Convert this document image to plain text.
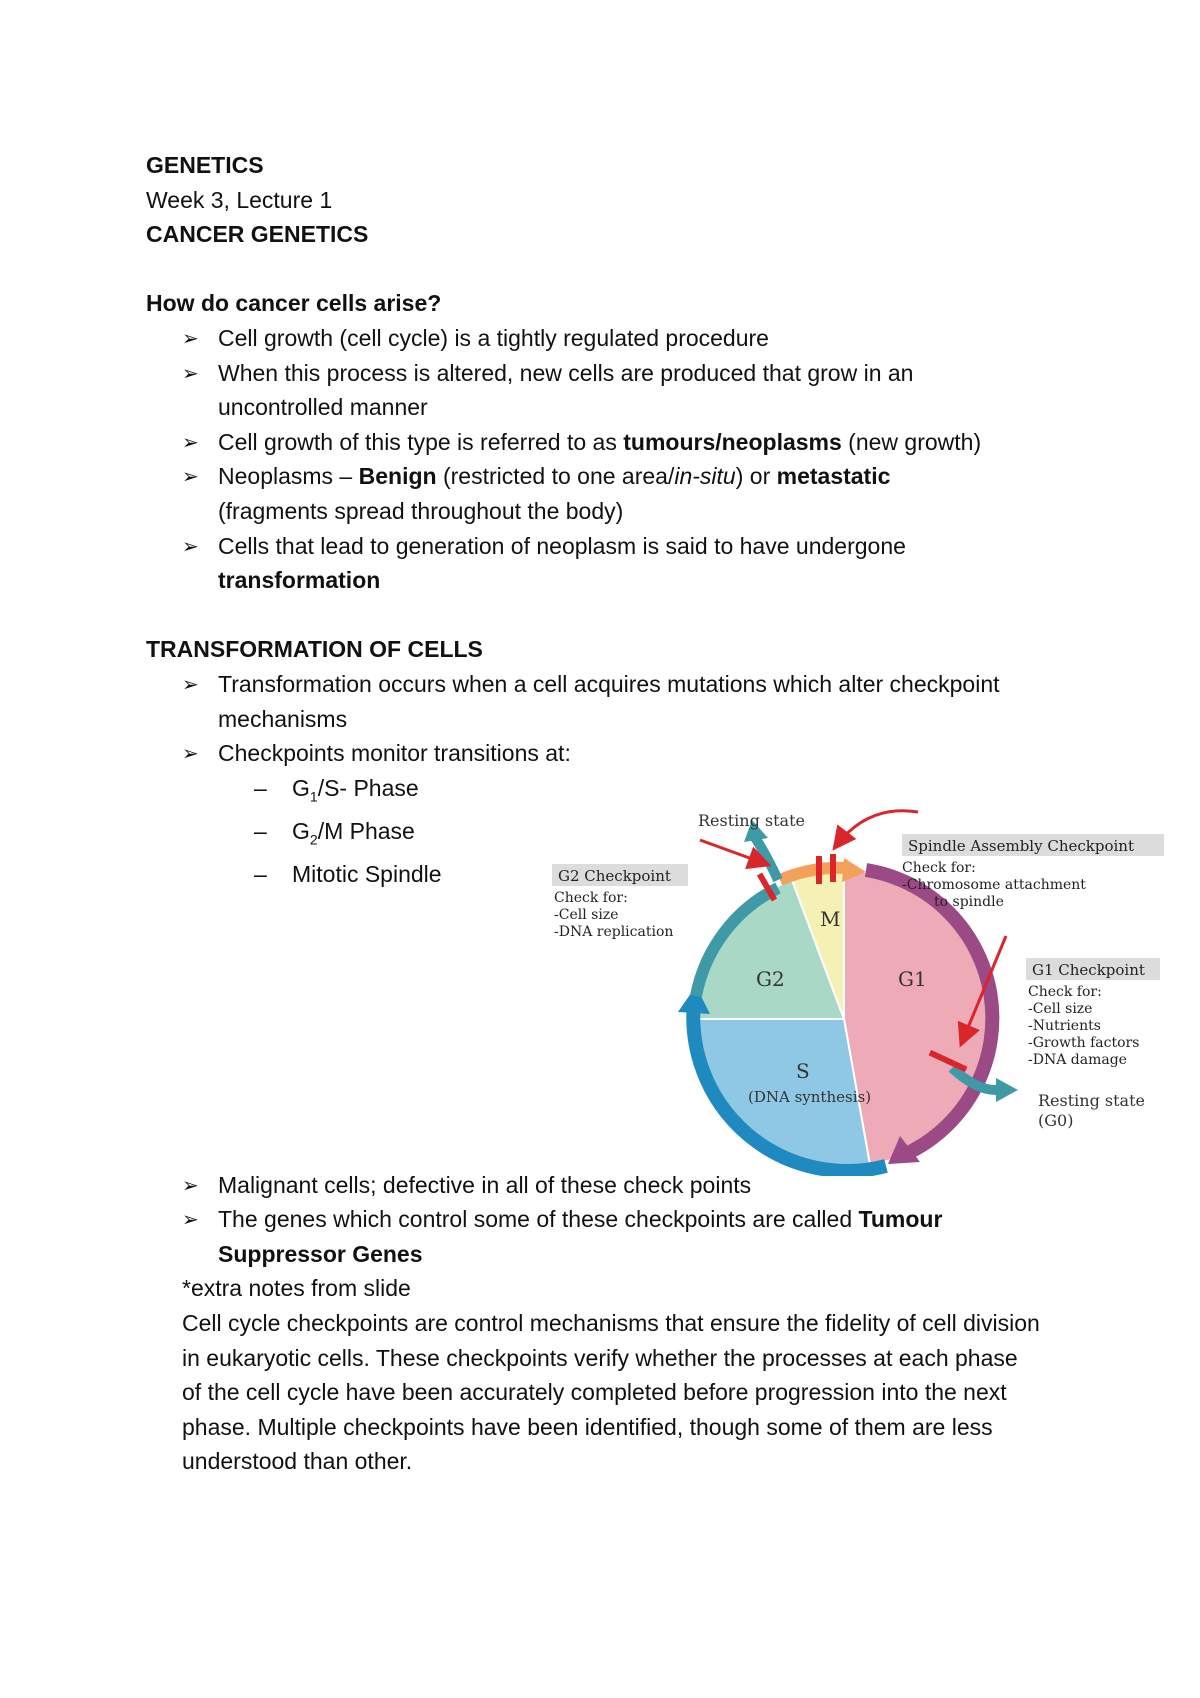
GENETICS
Week 3, Lecture 1
CANCER GENETICS
How do cancer cells arise?
➢ Cell growth (cell cycle) is a tightly regulated procedure
➢ When this process is altered, new cells are produced that grow in an uncontrolled manner
➢ Cell growth of this type is referred to as tumours/neoplasms (new growth)
➢ Neoplasms – Benign (restricted to one area/in-situ) or metastatic (fragments spread throughout the body)
➢ Cells that lead to generation of neoplasm is said to have undergone transformation
TRANSFORMATION OF CELLS
➢ Transformation occurs when a cell acquires mutations which alter checkpoint mechanisms
➢ Checkpoints monitor transitions at:
– $G_1/S-$ Phase
– $G_2/M$ Phase
– Mitotic Spindle
➢ Malignant cells; defective in all of these check points
➢ The genes which control some of these checkpoints are called Tumour Suppressor Genes

*extra notes from slide

Cell cycle checkpoints are control mechanisms that ensure the fidelity of cell division in eukaryotic cells. These checkpoints verify whether the processes at each phase of the cell cycle have been accurately completed before progression into the next phase. Multiple checkpoints have been identified, though some of them are less understood than other.

M
G2	G1
S
(DNA synthesis)
Resting state
G2 Checkpoint
Check for:
-Cell size
-DNA replication
Spindle Assembly Checkpoint
Check for:
-Chromosome attachment
to spindle
G1 Checkpoint
Check for:
-Cell size
-Nutrients
-Growth factors
-DNA damage
Resting state
(G0)
